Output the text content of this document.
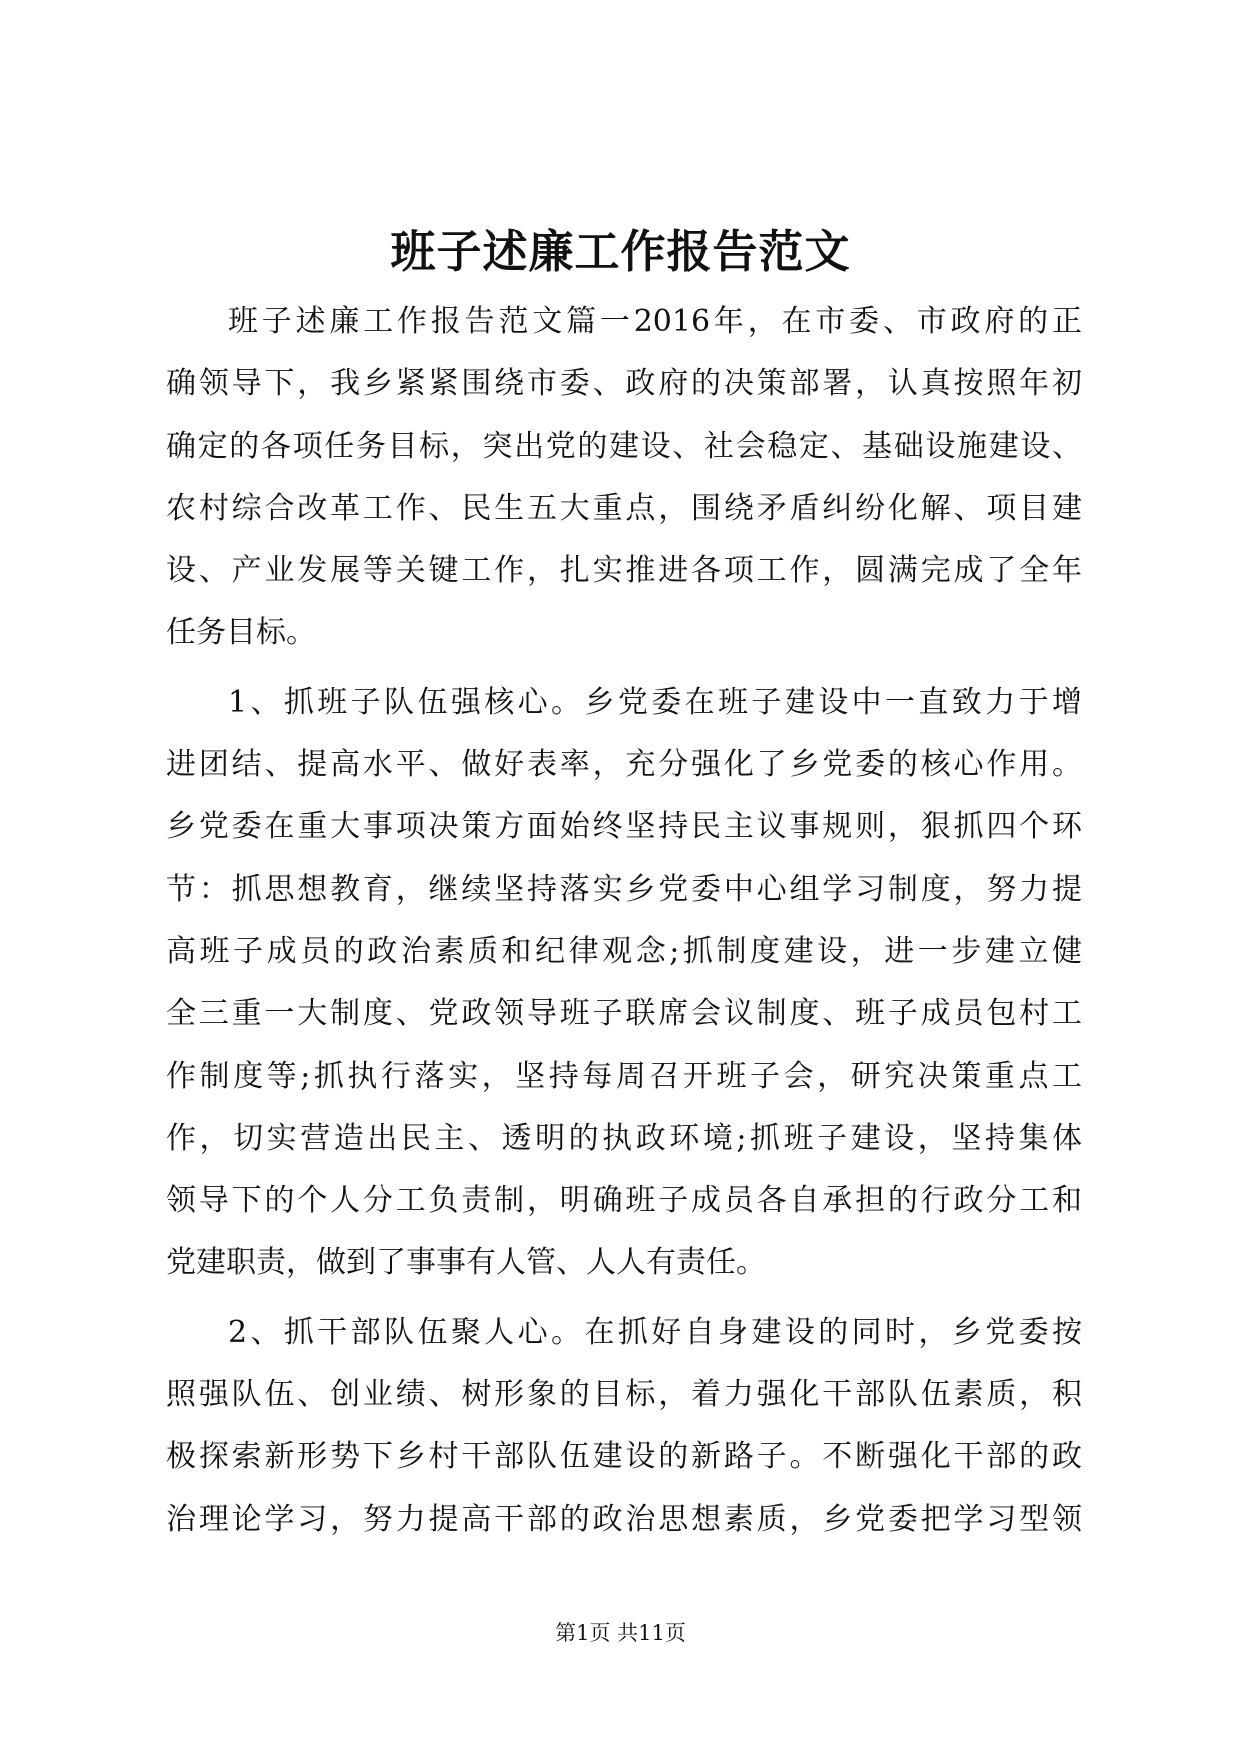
班子述廉工作报告范文

班子述廉工作报告范文篇一2016年，在市委、市政府的正
确领导下，我乡紧紧围绕市委、政府的决策部署，认真按照年初
确定的各项任务目标，突出党的建设、社会稳定、基础设施建设、
农村综合改革工作、民生五大重点，围绕矛盾纠纷化解、项目建
设、产业发展等关键工作，扎实推进各项工作，圆满完成了全年
任务目标。

1、抓班子队伍强核心。乡党委在班子建设中一直致力于增
进团结、提高水平、做好表率，充分强化了乡党委的核心作用。
乡党委在重大事项决策方面始终坚持民主议事规则，狠抓四个环
节：抓思想教育，继续坚持落实乡党委中心组学习制度，努力提
高班子成员的政治素质和纪律观念;抓制度建设，进一步建立健
全三重一大制度、党政领导班子联席会议制度、班子成员包村工
作制度等;抓执行落实，坚持每周召开班子会，研究决策重点工
作，切实营造出民主、透明的执政环境;抓班子建设，坚持集体
领导下的个人分工负责制，明确班子成员各自承担的行政分工和
党建职责，做到了事事有人管、人人有责任。

2、抓干部队伍聚人心。在抓好自身建设的同时，乡党委按
照强队伍、创业绩、树形象的目标，着力强化干部队伍素质，积
极探索新形势下乡村干部队伍建设的新路子。不断强化干部的政
治理论学习，努力提高干部的政治思想素质，乡党委把学习型领

第1页 共11页
